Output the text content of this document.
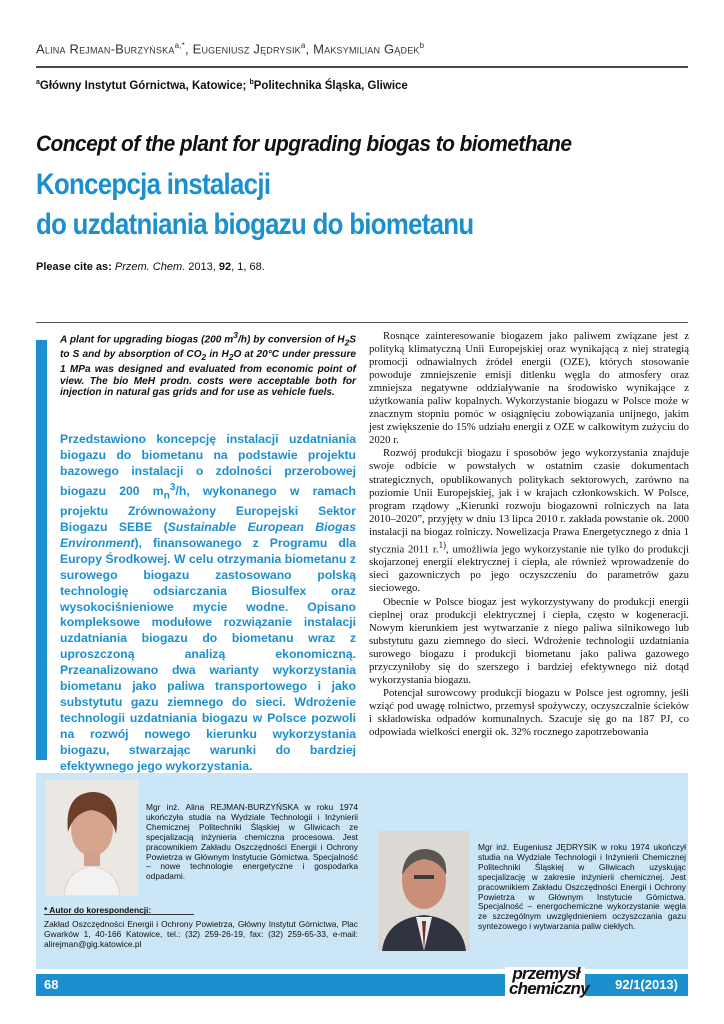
Alina Rejman-Burzyńska$^{a,*}$, Eugeniusz Jędrysik$^a$, Maksymilian Gądek$^b$
$^a$Główny Instytut Górnictwa, Katowice; $^b$Politechnika Śląska, Gliwice
Concept of the plant for upgrading biogas to biomethane
Koncepcja instalacji
do uzdatniania biogazu do biometanu
Please cite as: Przem. Chem. 2013, 92, 1, 68.
A plant for upgrading biogas (200 $m^3/h$) by conversion of $H_2S$ to S and by absorption of $CO_2$ in $H_2O$ at 20°C under pressure 1 MPa was designed and evaluated from economic point of view. The bio MeH prodn. costs were acceptable both for injection in natural gas grids and for use as vehicle fuels.
Przedstawiono koncepcję instalacji uzdatniania biogazu do biometanu na podstawie projektu bazowego instalacji o zdolności przerobowej biogazu 200 $m_n^3/h$, wykonanego w ramach projektu Zrównoważony Europejski Sektor Biogazu SEBE (Sustainable European Biogas Environment), finansowanego z Programu dla Europy Środkowej. W celu otrzymania biometanu z surowego biogazu zastosowano polską technologię odsiarczania Biosulfex oraz wysokociśnieniowe mycie wodne. Opisano kompleksowe modułowe rozwiązanie instalacji uzdatniania biogazu do biometanu wraz z uproszczoną analizą ekonomiczną. Przeanalizowano dwa warianty wykorzystania biometanu jako paliwa transportowego i jako substytutu gazu ziemnego do sieci. Wdrożenie technologii uzdatniania biogazu w Polsce pozwoli na rozwój nowego kierunku wykorzystania biogazu, stwarzając warunki do bardziej efektywnego jego wykorzystania.

Rosnące zainteresowanie biogazem jako paliwem związane jest z polityką klimatyczną Unii Europejskiej oraz wynikającą z niej strategią promocji odnawialnych źródeł energii (OZE), których stosowanie powoduje zmniejszenie emisji ditlenku węgla do atmosfery oraz zmniejsza negatywne oddziaływanie na środowisko wynikające z użytkowania paliw kopalnych. Wykorzystanie biogazu w Polsce może w znacznym stopniu pomóc w osiągnięciu zobowiązania unijnego, jakim jest zwiększenie do 15% udziału energii z OZE w całkowitym zużyciu do 2020 r.

Rozwój produkcji biogazu i sposobów jego wykorzystania znajduje swoje odbicie w powstałych w ostatnim czasie dokumentach strategicznych, opublikowanych politykach sektorowych, zarówno na poziomie Unii Europejskiej, jak i w krajach członkowskich. W Polsce, program rządowy „Kierunki rozwoju biogazowni rolniczych na lata 2010–2020”, przyjęty w dniu 13 lipca 2010 r. zakłada powstanie ok. 2000 instalacji na biogaz rolniczy. Nowelizacja Prawa Energetycznego z dnia 1 stycznia 2011 r.$^{1)}$, umożliwia jego wykorzystanie nie tylko do produkcji skojarzonej energii elektrycznej i ciepła, ale również wprowadzenie do sieci gazowniczych po jego oczyszczeniu do parametrów gazu sieciowego.

Obecnie w Polsce biogaz jest wykorzystywany do produkcji energii cieplnej oraz produkcji elektrycznej i ciepła, często w kogeneracji. Nowym kierunkiem jest wytwarzanie z niego paliwa silnikowego lub substytutu gazu ziemnego do sieci. Wdrożenie technologii uzdatniania surowego biogazu i produkcji biometanu jako paliwa gazowego przyczyniłoby się do szerszego i bardziej efektywnego niż dotąd wykorzystania biogazu.

Potencjał surowcowy produkcji biogazu w Polsce jest ogromny, jeśli wziąć pod uwagę rolnictwo, przemysł spożywczy, oczyszczalnie ścieków i składowiska odpadów komunalnych. Szacuje się go na 187 PJ, co odpowiada wielkości energii ok. 32% rocznego zapotrzebowania

Mgr inż. Alina REJMAN-BURZYŃSKA w roku 1974 ukończyła studia na Wydziale Technologii i Inżynierii Chemicznej Politechniki Śląskiej w Gliwicach ze specjalizacją inżynieria chemiczna procesowa. Jest pracownikiem Zakładu Oszczędności Energii i Ochrony Powietrza w Głównym Instytucie Górnictwa. Specjalność – nowe technologie energetyczne i gospodarka odpadami.
Mgr inż. Eugeniusz JĘDRYSIK w roku 1974 ukończył studia na Wydziale Technologii i Inżynierii Chemicznej Politechniki Śląskiej w Gliwicach uzyskując specjalizację w zakresie inżynierii chemicznej. Jest pracownikiem Zakładu Oszczędności Energii i Ochrony Powietrza w Głównym Instytucie Górnictwa. Specjalność – energochemiczne wykorzystanie węgla ze szczególnym uwzględnieniem oczyszczania gazu syntezowego i wytwarzania paliw ciekłych.
* Autor do korespondencji:
Zakład Oszczędności Energii i Ochrony Powietrza, Główny Instytut Górnictwa, Plac Gwarków 1, 40-166 Katowice, tel.: (32) 259-26-19, fax: (32) 259-65-33, e-mail: alirejman@gig.katowice.pl
68
przemysł
chemiczny 92/1(2013)
